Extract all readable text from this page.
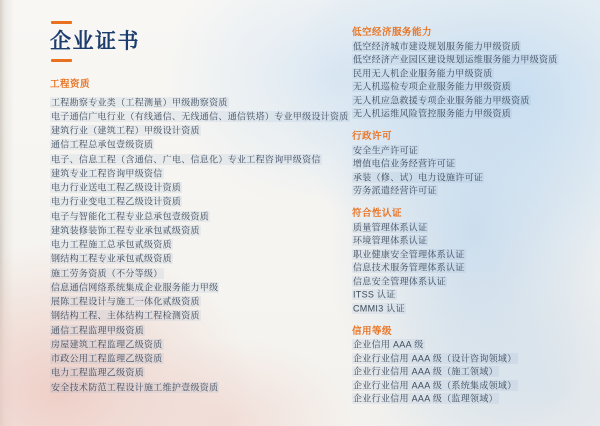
企业证书
工程资质
工程勘察专业类（工程测量）甲级勘察资质
电子通信广电行业（有线通信、无线通信、通信铁塔）专业甲级设计资质
建筑行业（建筑工程）甲级设计资质
通信工程总承包壹级资质
电子、信息工程（含通信、广电、信息化）专业工程咨询甲级资信
建筑专业工程咨询甲级资信
电力行业送电工程乙级设计资质
电力行业变电工程乙级设计资质
电子与智能化工程专业总承包壹级资质
建筑装修装饰工程专业承包贰级资质
电力工程施工总承包贰级资质
钢结构工程专业承包贰级资质
施工劳务资质（不分等级）
信息通信网络系统集成企业服务能力甲级
展陈工程设计与施工一体化贰级资质
钢结构工程、主体结构工程检测资质
通信工程监理甲级资质
房屋建筑工程监理乙级资质
市政公用工程监理乙级资质
电力工程监理乙级资质
安全技术防范工程设计施工维护壹级资质
低空经济服务能力
低空经济城市建设规划服务能力甲级资质
低空经济产业园区建设规划运维服务能力甲级资质
民用无人机企业服务能力甲级资质
无人机巡检专项企业服务能力甲级资质
无人机应急救援专项企业服务能力甲级资质
无人机运维风险管控服务能力甲级资质
行政许可
安全生产许可证
增值电信业务经营许可证
承装（修、试）电力设施许可证
劳务派遣经营许可证
符合性认证
质量管理体系认证
环境管理体系认证
职业健康安全管理体系认证
信息技术服务管理体系认证
信息安全管理体系认证
ITSS 认证
CMMI3 认证
信用等级
企业信用 AAA 级
企业行业信用 AAA 级（设计咨询领域）
企业行业信用 AAA 级（施工领域）
企业行业信用 AAA 级（系统集成领域）
企业行业信用 AAA 级（监理领域）
